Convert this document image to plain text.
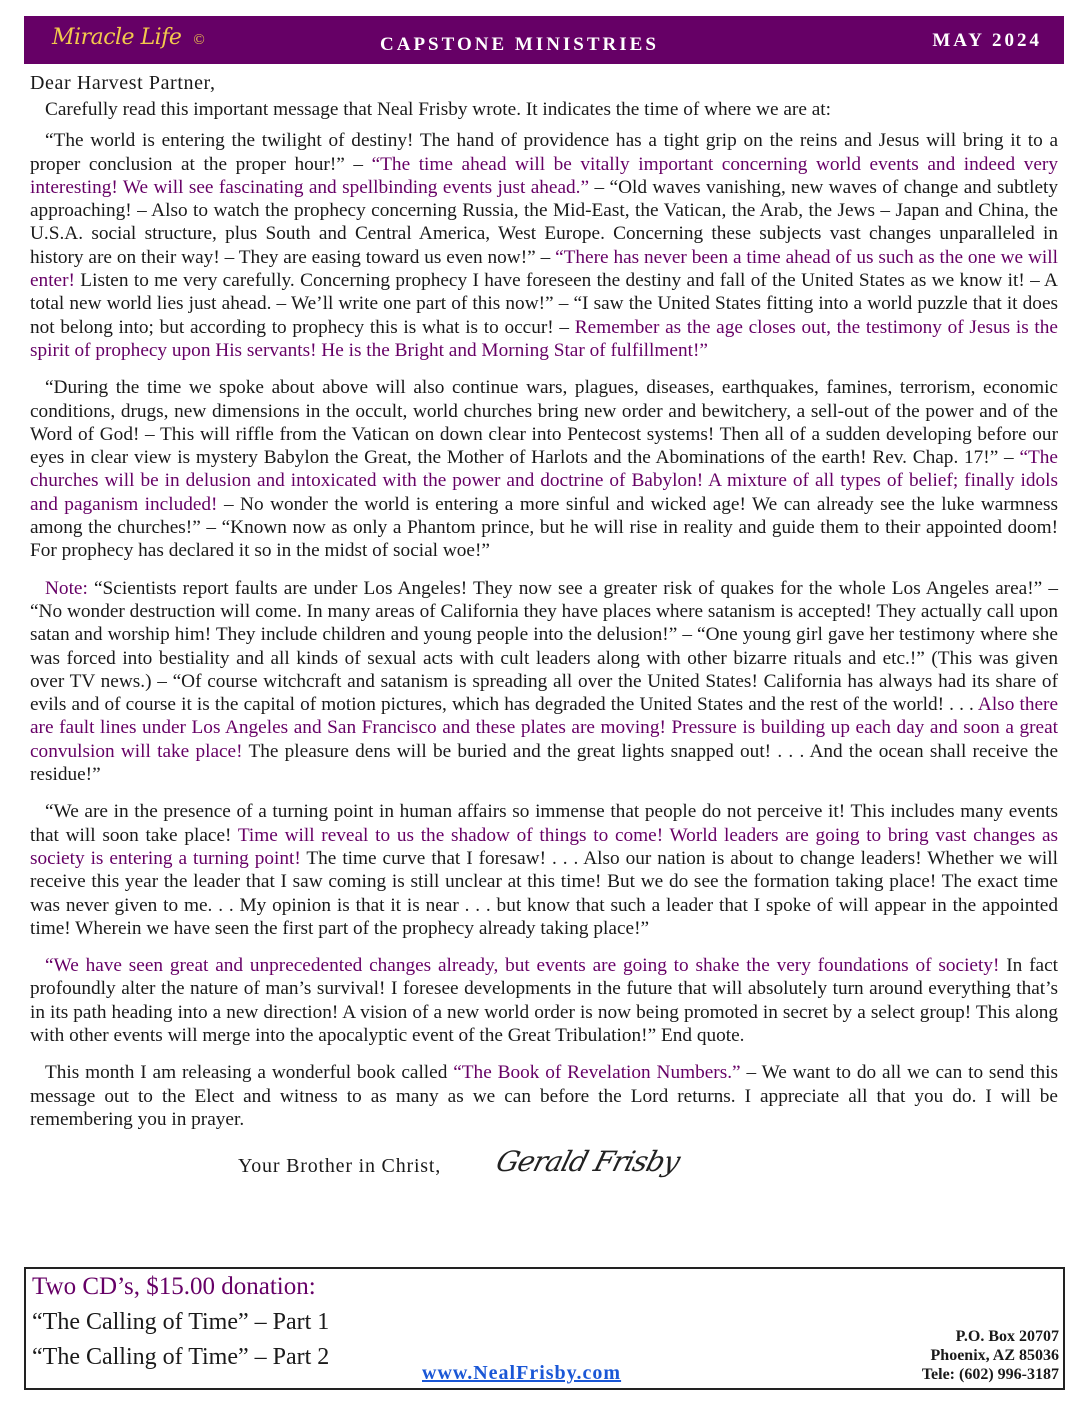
Miracle Life ©	CAPSTONE MINISTRIES	MAY 2024
Dear Harvest Partner,

Carefully read this important message that Neal Frisby wrote. It indicates the time of where we are at:

“The world is entering the twilight of destiny! The hand of providence has a tight grip on the reins and Jesus will bring it to a proper conclusion at the proper hour!” – “The time ahead will be vitally important concerning world events and indeed very interesting! We will see fascinating and spellbinding events just ahead.” – “Old waves vanishing, new waves of change and subtlety approaching! – Also to watch the prophecy concerning Russia, the Mid-East, the Vatican, the Arab, the Jews – Japan and China, the U.S.A. social structure, plus South and Central America, West Europe. Concerning these subjects vast changes unparalleled in history are on their way! – They are easing toward us even now!” – “There has never been a time ahead of us such as the one we will enter! Listen to me very carefully. Concerning prophecy I have foreseen the destiny and fall of the United States as we know it! – A total new world lies just ahead. – We’ll write one part of this now!” – “I saw the United States fitting into a world puzzle that it does not belong into; but according to prophecy this is what is to occur! – Remember as the age closes out, the testimony of Jesus is the spirit of prophecy upon His servants! He is the Bright and Morning Star of fulfillment!”

“During the time we spoke about above will also continue wars, plagues, diseases, earthquakes, famines, terrorism, economic conditions, drugs, new dimensions in the occult, world churches bring new order and bewitchery, a sell-out of the power and of the Word of God! – This will riffle from the Vatican on down clear into Pentecost systems! Then all of a sudden developing before our eyes in clear view is mystery Babylon the Great, the Mother of Harlots and the Abominations of the earth! Rev. Chap. 17!” – “The churches will be in delusion and intoxicated with the power and doctrine of Babylon! A mixture of all types of belief; finally idols and paganism included! – No wonder the world is entering a more sinful and wicked age! We can already see the luke warmness among the churches!” – “Known now as only a Phantom prince, but he will rise in reality and guide them to their appointed doom! For prophecy has declared it so in the midst of social woe!”

Note: “Scientists report faults are under Los Angeles! They now see a greater risk of quakes for the whole Los Angeles area!” – “No wonder destruction will come. In many areas of California they have places where satanism is accepted! They actually call upon satan and worship him! They include children and young people into the delusion!” – “One young girl gave her testimony where she was forced into bestiality and all kinds of sexual acts with cult leaders along with other bizarre rituals and etc.!” (This was given over TV news.) – “Of course witchcraft and satanism is spreading all over the United States! California has always had its share of evils and of course it is the capital of motion pictures, which has degraded the United States and the rest of the world! . . . Also there are fault lines under Los Angeles and San Francisco and these plates are moving! Pressure is building up each day and soon a great convulsion will take place! The pleasure dens will be buried and the great lights snapped out! . . . And the ocean shall receive the residue!”

“We are in the presence of a turning point in human affairs so immense that people do not perceive it! This includes many events that will soon take place! Time will reveal to us the shadow of things to come! World leaders are going to bring vast changes as society is entering a turning point! The time curve that I foresaw! . . . Also our nation is about to change leaders! Whether we will receive this year the leader that I saw coming is still unclear at this time! But we do see the formation taking place! The exact time was never given to me. . . My opinion is that it is near . . . but know that such a leader that I spoke of will appear in the appointed time! Wherein we have seen the first part of the prophecy already taking place!”

“We have seen great and unprecedented changes already, but events are going to shake the very foundations of society! In fact profoundly alter the nature of man’s survival! I foresee developments in the future that will absolutely turn around everything that’s in its path heading into a new direction! A vision of a new world order is now being promoted in secret by a select group! This along with other events will merge into the apocalyptic event of the Great Tribulation!” End quote.

This month I am releasing a wonderful book called “The Book of Revelation Numbers.” – We want to do all we can to send this message out to the Elect and witness to as many as we can before the Lord returns. I appreciate all that you do. I will be remembering you in prayer.

Your Brother in Christ, Gerald Frisby
Two CD’s, $15.00 donation:
“The Calling of Time” – Part 1
“The Calling of Time” – Part 2
www.NealFrisby.com
P.O. Box 20707
Phoenix, AZ 85036
Tele: (602) 996-3187
